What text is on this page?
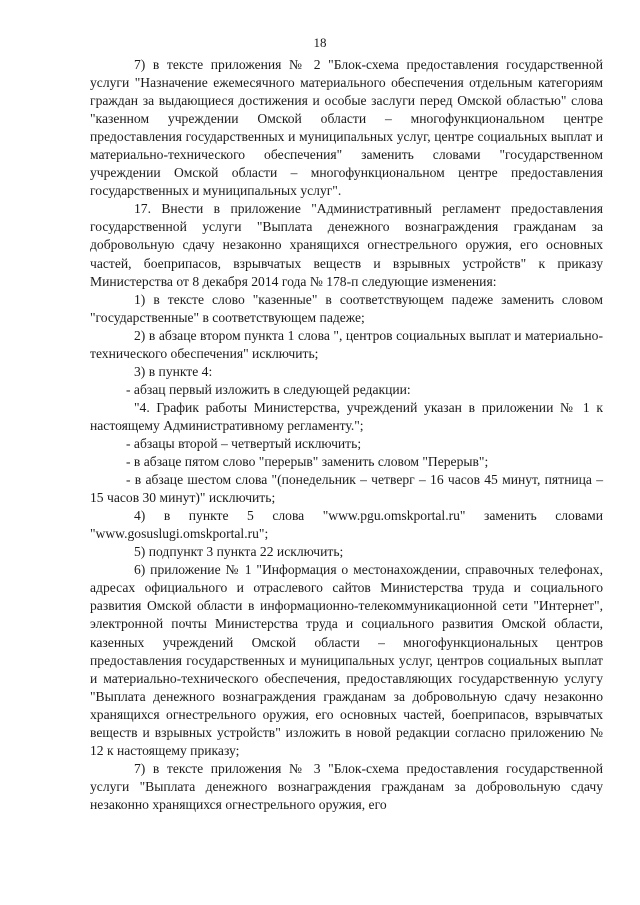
18

7) в тексте приложения № 2 "Блок-схема предоставления государственной услуги "Назначение ежемесячного материального обеспечения отдельным категориям граждан за выдающиеся достижения и особые заслуги перед Омской областью" слова "казенном учреждении Омской области – многофункциональном центре предоставления государственных и муниципальных услуг, центре социальных выплат и материально-технического обеспечения" заменить словами "государственном учреждении Омской области – многофункциональном центре предоставления государственных и муниципальных услуг".

17. Внести в приложение "Административный регламент предоставления государственной услуги "Выплата денежного вознаграждения гражданам за добровольную сдачу незаконно хранящихся огнестрельного оружия, его основных частей, боеприпасов, взрывчатых веществ и взрывных устройств" к приказу Министерства от 8 декабря 2014 года № 178-п следующие изменения:

1) в тексте слово "казенные" в соответствующем падеже заменить словом "государственные" в соответствующем падеже;

2) в абзаце втором пункта 1 слова ", центров социальных выплат и материально-технического обеспечения" исключить;

3) в пункте 4:

- абзац первый изложить в следующей редакции:

"4. График работы Министерства, учреждений указан в приложении № 1 к настоящему Административному регламенту.";

- абзацы второй – четвертый исключить;

- в абзаце пятом слово "перерыв" заменить словом "Перерыв";

- в абзаце шестом слова "(понедельник – четверг – 16 часов 45 минут, пятница – 15 часов 30 минут)" исключить;

4) в пункте 5 слова "www.pgu.omskportal.ru" заменить словами "www.gosuslugi.omskportal.ru";

5) подпункт 3 пункта 22 исключить;

6) приложение № 1 "Информация о местонахождении, справочных телефонах, адресах официального и отраслевого сайтов Министерства труда и социального развития Омской области в информационно-телекоммуникационной сети "Интернет", электронной почты Министерства труда и социального развития Омской области, казенных учреждений Омской области – многофункциональных центров предоставления государственных и муниципальных услуг, центров социальных выплат и материально-технического обеспечения, предоставляющих государственную услугу "Выплата денежного вознаграждения гражданам за добровольную сдачу незаконно хранящихся огнестрельного оружия, его основных частей, боеприпасов, взрывчатых веществ и взрывных устройств" изложить в новой редакции согласно приложению № 12 к настоящему приказу;

7) в тексте приложения № 3 "Блок-схема предоставления государственной услуги "Выплата денежного вознаграждения гражданам за добровольную сдачу незаконно хранящихся огнестрельного оружия, его
